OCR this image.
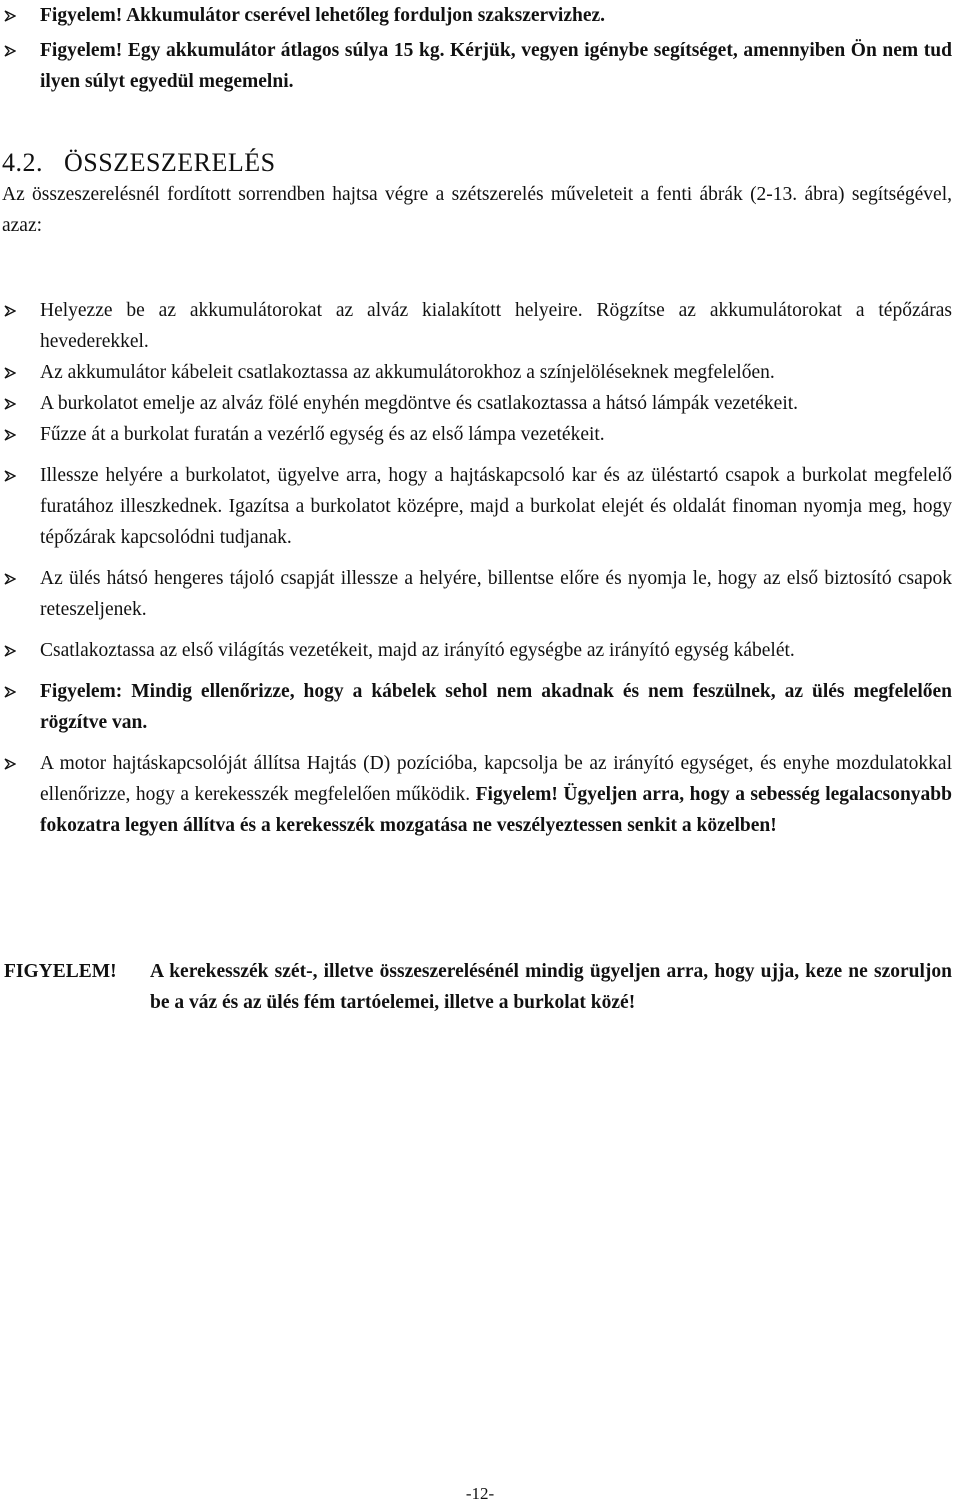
Figyelem! Akkumulátor cserével lehetőleg forduljon szakszervizhez.
Figyelem! Egy akkumulátor átlagos súlya 15 kg. Kérjük, vegyen igénybe segítséget, amennyiben Ön nem tud ilyen súlyt egyedül megemelni.
4.2. ÖSSZESZERELÉS
Az összeszerelésnél fordított sorrendben hajtsa végre a szétszerelés műveleteit a fenti ábrák (2-13. ábra) segítségével, azaz:
Helyezze be az akkumulátorokat az alváz kialakított helyeire. Rögzítse az akkumulátorokat a tépőzáras hevederekkel.
Az akkumulátor kábeleit csatlakoztassa az akkumulátorokhoz a színjelöléseknek megfelelően.
A burkolatot emelje az alváz fölé enyhén megdöntve és csatlakoztassa a hátsó lámpák vezetékeit.
Fűzze át a burkolat furatán a vezérlő egység és az első lámpa vezetékeit.
Illessze helyére a burkolatot, ügyelve arra, hogy a hajtáskapcsoló kar és az üléstartó csapok a burkolat megfelelő furatához illeszkednek. Igazítsa a burkolatot középre, majd a burkolat elejét és oldalát finoman nyomja meg, hogy tépőzárak kapcsolódni tudjanak.
Az ülés hátsó hengeres tájoló csapját illessze a helyére, billentse előre és nyomja le, hogy az első biztosító csapok reteszeljenek.
Csatlakoztassa az első világítás vezetékeit, majd az irányító egységbe az irányító egység kábelét.
Figyelem: Mindig ellenőrizze, hogy a kábelek sehol nem akadnak és nem feszülnek, az ülés megfelelően rögzítve van.
A motor hajtáskapcsolóját állítsa Hajtás (D) pozícióba, kapcsolja be az irányító egységet, és enyhe mozdulatokkal ellenőrizze, hogy a kerekesszék megfelelően működik. Figyelem! Ügyeljen arra, hogy a sebesség legalacsonyabb fokozatra legyen állítva és a kerekesszék mozgatása ne veszélyeztessen senkit a közelben!
FIGYELEM!	A kerekesszék szét-, illetve összeszerelésénél mindig ügyeljen arra, hogy ujja, keze ne szoruljon be a váz és az ülés fém tartóelemei, illetve a burkolat közé!
-12-
